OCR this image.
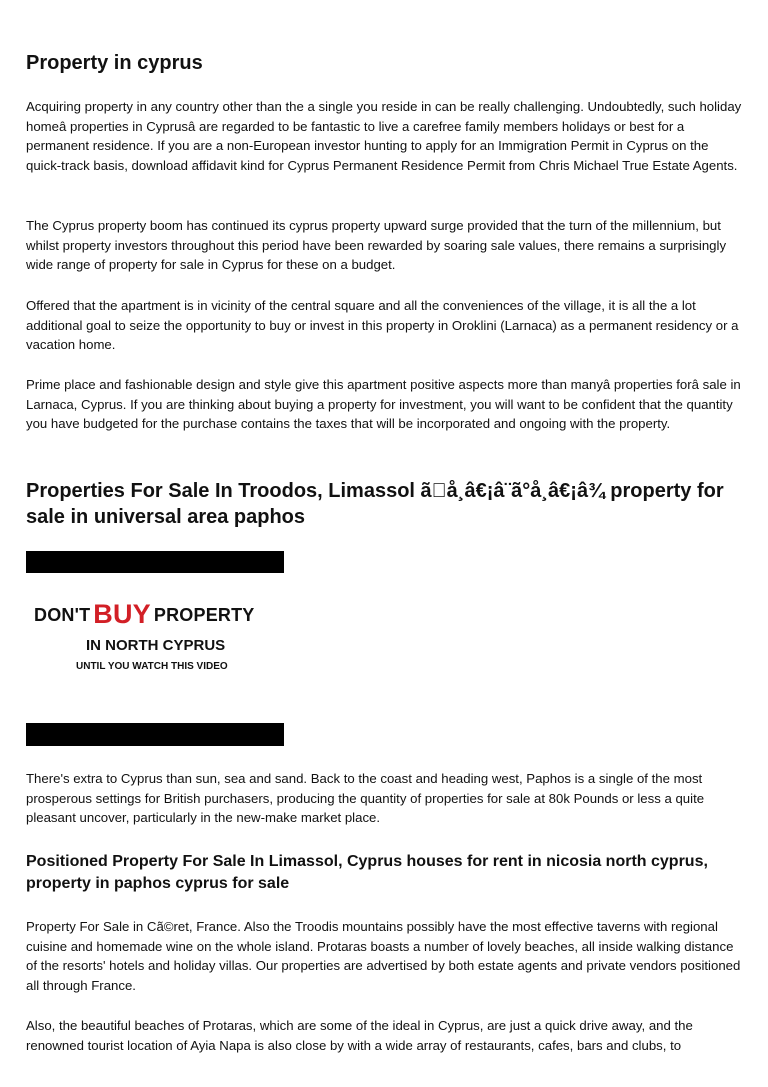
Property in cyprus

Acquiring property in any country other than the a single you reside in can be really challenging. Undoubtedly, such holiday homeâ properties in Cyprusâ are regarded to be fantastic to live a carefree family members holidays or best for a permanent residence. If you are a non-European investor hunting to apply for an Immigration Permit in Cyprus on the quick-track basis, download affidavit kind for Cyprus Permanent Residence Permit from Chris Michael True Estate Agents.

The Cyprus property boom has continued its cyprus property upward surge provided that the turn of the millennium, but whilst property investors throughout this period have been rewarded by soaring sale values, there remains a surprisingly wide range of property for sale in Cyprus for these on a budget.

Offered that the apartment is in vicinity of the central square and all the conveniences of the village, it is all the a lot additional goal to seize the opportunity to buy or invest in this property in Oroklini (Larnaca) as a permanent residency or a vacation home.

Prime place and fashionable design and style give this apartment positive aspects more than manyâ properties forâ sale in Larnaca, Cyprus. If you are thinking about buying a property for investment, you will want to be confident that the quantity you have budgeted for the purchase contains the taxes that will be incorporated and ongoing with the property.

Properties For Sale In Troodos, Limassol ã å¸â€¡â¨ã°å¸â€¡â¾ property for sale in universal area paphos
DON'T BUY PROPERTY
IN NORTH CYPRUS
UNTIL YOU WATCH THIS VIDEO

There's extra to Cyprus than sun, sea and sand. Back to the coast and heading west, Paphos is a single of the most prosperous settings for British purchasers, producing the quantity of properties for sale at 80k Pounds or less a quite pleasant uncover, particularly in the new-make market place.

Positioned Property For Sale In Limassol, Cyprus houses for rent in nicosia north cyprus, property in paphos cyprus for sale

Property For Sale in Cã©ret, France. Also the Troodis mountains possibly have the most effective taverns with regional cuisine and homemade wine on the whole island. Protaras boasts a number of lovely beaches, all inside walking distance of the resorts' hotels and holiday villas. Our properties are advertised by both estate agents and private vendors positioned all through France.

Also, the beautiful beaches of Protaras, which are some of the ideal in Cyprus, are just a quick drive away, and the renowned tourist location of Ayia Napa is also close by with a wide array of restaurants, cafes, bars and clubs, to
